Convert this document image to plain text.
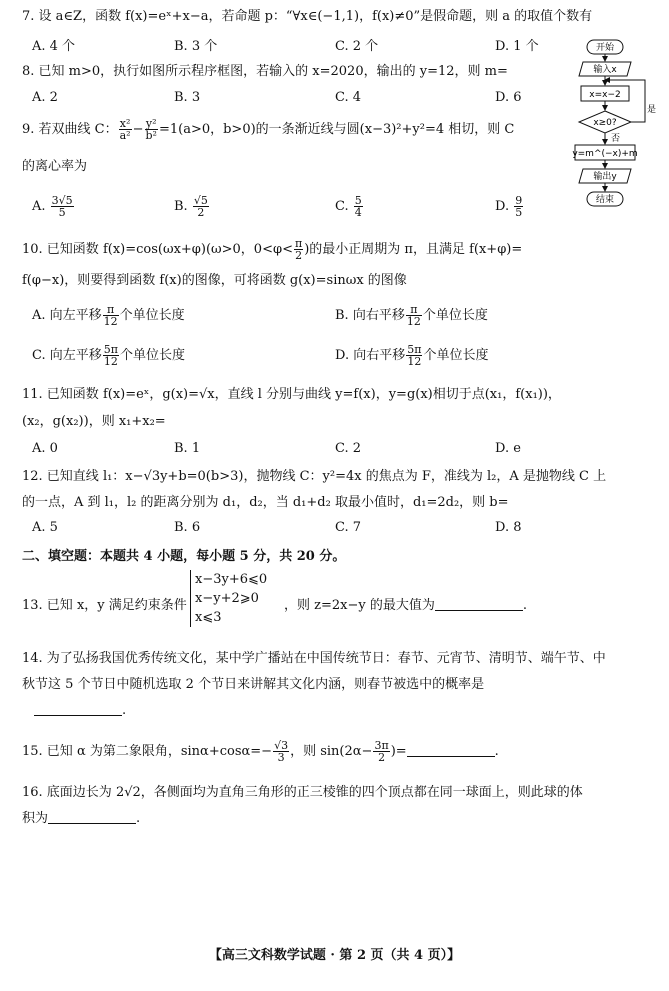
7. 设 a∈Z，函数 f(x)=eˣ+x−a，若命题 p：“∀x∈(−1,1)，f(x)≠0”是假命题，则 a 的取值个数有
A. 4 个	B. 3 个	C. 2 个	D. 1 个
8. 已知 m>0，执行如图所示程序框图，若输入的 x=2020，输出的 y=12，则 m=
A. 2	B. 3	C. 4	D. 6
9. 若双曲线 C： $\frac{\text{x²}}{\text{a²}} - \frac{\text{y²}}{\text{b²}} =1(a>0$，b>0)的一条渐近线与圆(x−3)²+y²=4 相切，则 C
的离心率为
A. $\frac{3√5}{5}$	B. $\frac{√5}{2}$	C. $\frac{5}{4}$	D. $\frac{9}{5}$
10. 已知函数 f(x)=cos(ωx+φ)(ω>0，$0<\varphi< \frac{\pi}{2}$ )的最小正周期为 π，且满足 f(x+φ)=
f(φ−x)，则要得到函数 f(x)的图像，可将函数 g(x)=sinωx 的图像
A. 向左平移 $\frac{\pi}{12}$ 个单位长度	B. 向右平移 $\frac{\pi}{12}$ 个单位长度
C. 向左平移 $\frac{5\pi}{12}$ 个单位长度	D. 向右平移 $\frac{5\pi}{12}$ 个单位长度
11. 已知函数 f(x)=eˣ，g(x)=√x，直线 l 分别与曲线 y=f(x)，y=g(x)相切于点(x₁，f(x₁))，
(x₂，g(x₂))，则 x₁+x₂=
A. 0	B. 1	C. 2	D. e
12. 已知直线 l₁：x−√3y+b=0(b>3)，抛物线 C：y²=4x 的焦点为 F，准线为 l₂，A 是抛物线 C 上
的一点，A 到 l₁，l₂ 的距离分别为 d₁，d₂，当 d₁+d₂ 取最小值时，d₁=2d₂，则 b=
A. 5	B. 6	C. 7	D. 8
二、填空题：本题共 4 小题，每小题 5 分，共 20 分。
13. 已知 x，y 满足约束条件
x−3y+6⩽0
x−y+2⩾0
x⩽3
，则 z=2x−y 的最大值为	.
14. 为了弘扬我国优秀传统文化，某中学广播站在中国传统节日：春节、元宵节、清明节、端午节、中
秋节这 5 个节日中随机选取 2 个节日来讲解其文化内涵，则春节被选中的概率是
.
15. 已知 α 为第二象限角，$\sin\alpha+\cos\alpha=- \frac{√3}{3}$ ，则 $\sin(2\alpha- \frac{3\pi}{2}$ )=	.
16. 底面边长为 2√2，各侧面均为直角三角形的正三棱锥的四个顶点都在同一球面上，则此球的体
积为	.
开始
输入x
x=x−2
x≥0?
是
否
y=m^(−x)+m
输出y
结束
【高三文科数学试题 · 第 2 页（共 4 页）】
